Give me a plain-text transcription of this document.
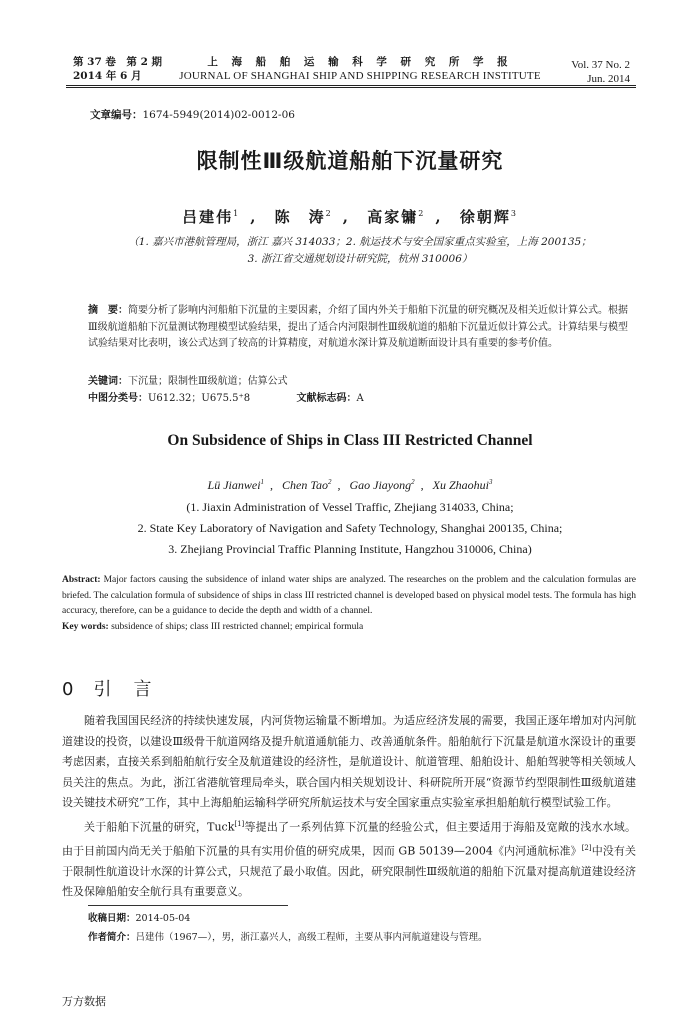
第 37 卷　第 2 期
2014 年 6 月
上 海 船 舶 运 输 科 学 研 究 所 学 报
JOURNAL OF SHANGHAI SHIP AND SHIPPING RESEARCH INSTITUTE
Vol. 37 No. 2
Jun. 2014
文章编号：1674-5949(2014)02-0012-06
限制性Ⅲ级航道船舶下沉量研究
吕建伟$^1$ , 陈　涛$^2$ , 高家镛$^2$ , 徐朝辉$^3$
（1. 嘉兴市港航管理局，浙江 嘉兴 314033；2. 航运技术与安全国家重点实验室，上海 200135；
3. 浙江省交通规划设计研究院，杭州 310006）
摘　要：简要分析了影响内河船舶下沉量的主要因素，介绍了国内外关于船舶下沉量的研究概况及相关近似计算公式。根据Ⅲ级航道船舶下沉量测试物理模型试验结果，提出了适合内河限制性Ⅲ级航道的船舶下沉量近似计算公式。计算结果与模型试验结果对比表明，该公式达到了较高的计算精度，对航道水深计算及航道断面设计具有重要的参考价值。
关键词：下沉量；限制性Ⅲ级航道；估算公式
中图分类号：U612.32；U675.5⁺8	文献标志码：A
On Subsidence of Ships in Class III Restricted Channel
Lü Jianwei$^1$ , Chen Tao$^2$ , Gao Jiayong$^2$ , Xu Zhaohui$^3$
(1. Jiaxin Administration of Vessel Traffic, Zhejiang 314033, China;
2. State Key Laboratory of Navigation and Safety Technology, Shanghai 200135, China;
3. Zhejiang Provincial Traffic Planning Institute, Hangzhou 310006, China)
Abstract: Major factors causing the subsidence of inland water ships are analyzed. The researches on the problem and the calculation formulas are briefed. The calculation formula of subsidence of ships in class III restricted channel is developed based on physical model tests. The formula has high accuracy, therefore, can be a guidance to decide the depth and width of a channel.
Key words: subsidence of ships; class III restricted channel; empirical formula
0 引　言

随着我国国民经济的持续快速发展，内河货物运输量不断增加。为适应经济发展的需要，我国正逐年增加对内河航道建设的投资，以建设Ⅲ级骨干航道网络及提升航道通航能力、改善通航条件。船舶航行下沉量是航道水深设计的重要考虑因素，直接关系到船舶航行安全及航道建设的经济性，是航道设计、航道管理、船舶设计、船舶驾驶等相关领域人员关注的焦点。为此，浙江省港航管理局牵头，联合国内相关规划设计、科研院所开展“资源节约型限制性Ⅲ级航道建设关键技术研究”工作，其中上海船舶运输科学研究所航运技术与安全国家重点实验室承担船舶航行模型试验工作。

关于船舶下沉量的研究，Tuck[1]等提出了一系列估算下沉量的经验公式，但主要适用于海船及宽敞的浅水水域。由于目前国内尚无关于船舶下沉量的具有实用价值的研究成果，因而 GB 50139—2004《内河通航标准》[2]中没有关于限制性航道设计水深的计算公式，只规范了最小取值。因此，研究限制性Ⅲ级航道的船舶下沉量对提高航道建设经济性及保障船舶安全航行具有重要意义。

收稿日期：2014-05-04
作者简介：吕建伟（1967—），男，浙江嘉兴人，高级工程师，主要从事内河航道建设与管理。
万方数据
